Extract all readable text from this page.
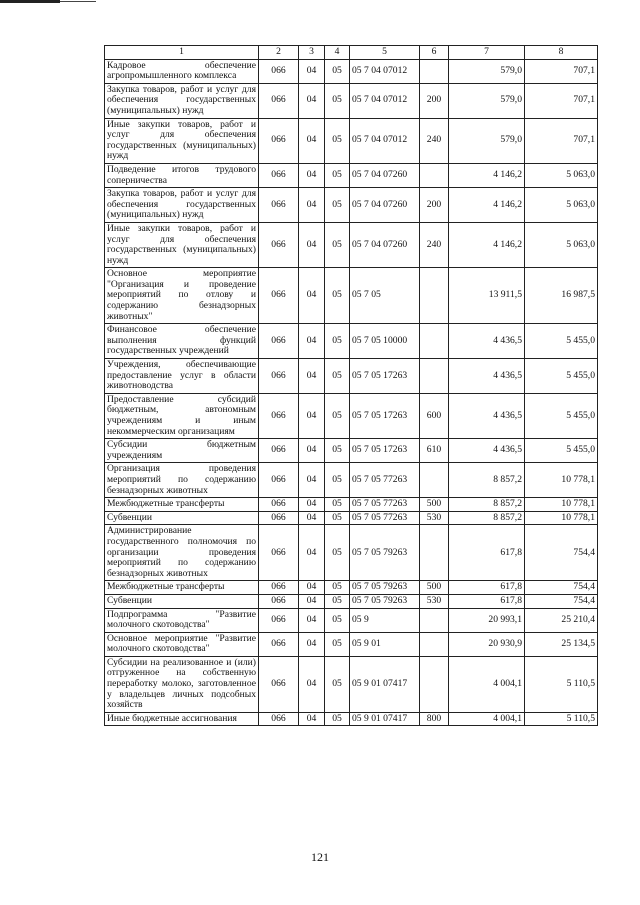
1	2	3	4	5	6	7	8
Кадровое обеспечение агропромышленного комплекса	066	04	05	05 7 04 07012		579,0	707,1
Закупка товаров, работ и услуг для обеспечения государственных (муниципальных) нужд	066	04	05	05 7 04 07012	200	579,0	707,1
Иные закупки товаров, работ и услуг для обеспечения государственных (муниципальных) нужд	066	04	05	05 7 04 07012	240	579,0	707,1
Подведение итогов трудового соперничества	066	04	05	05 7 04 07260		4 146,2	5 063,0
Закупка товаров, работ и услуг для обеспечения государственных (муниципальных) нужд	066	04	05	05 7 04 07260	200	4 146,2	5 063,0
Иные закупки товаров, работ и услуг для обеспечения государственных (муниципальных) нужд	066	04	05	05 7 04 07260	240	4 146,2	5 063,0
Основное мероприятие "Организация и проведение мероприятий по отлову и содержанию безнадзорных животных"	066	04	05	05 7 05		13 911,5	16 987,5
Финансовое обеспечение выполнения функций государственных учреждений	066	04	05	05 7 05 10000		4 436,5	5 455,0
Учреждения, обеспечивающие предоставление услуг в области животноводства	066	04	05	05 7 05 17263		4 436,5	5 455,0
Предоставление субсидий бюджетным, автономным учреждениям и иным некоммерческим организациям	066	04	05	05 7 05 17263	600	4 436,5	5 455,0
Субсидии бюджетным учреждениям	066	04	05	05 7 05 17263	610	4 436,5	5 455,0
Организация проведения мероприятий по содержанию безнадзорных животных	066	04	05	05 7 05 77263		8 857,2	10 778,1
Межбюджетные трансферты	066	04	05	05 7 05 77263	500	8 857,2	10 778,1
Субвенции	066	04	05	05 7 05 77263	530	8 857,2	10 778,1
Администрирование государственного полномочия по организации проведения мероприятий по содержанию безнадзорных животных	066	04	05	05 7 05 79263		617,8	754,4
Межбюджетные трансферты	066	04	05	05 7 05 79263	500	617,8	754,4
Субвенции	066	04	05	05 7 05 79263	530	617,8	754,4
Подпрограмма "Развитие молочного скотоводства"	066	04	05	05 9		20 993,1	25 210,4
Основное мероприятие "Развитие молочного скотоводства"	066	04	05	05 9 01		20 930,9	25 134,5
Субсидии на реализованное и (или) отгруженное на собственную переработку молоко, заготовленное у владельцев личных подсобных хозяйств	066	04	05	05 9 01 07417		4 004,1	5 110,5
Иные бюджетные ассигнования	066	04	05	05 9 01 07417	800	4 004,1	5 110,5
121
